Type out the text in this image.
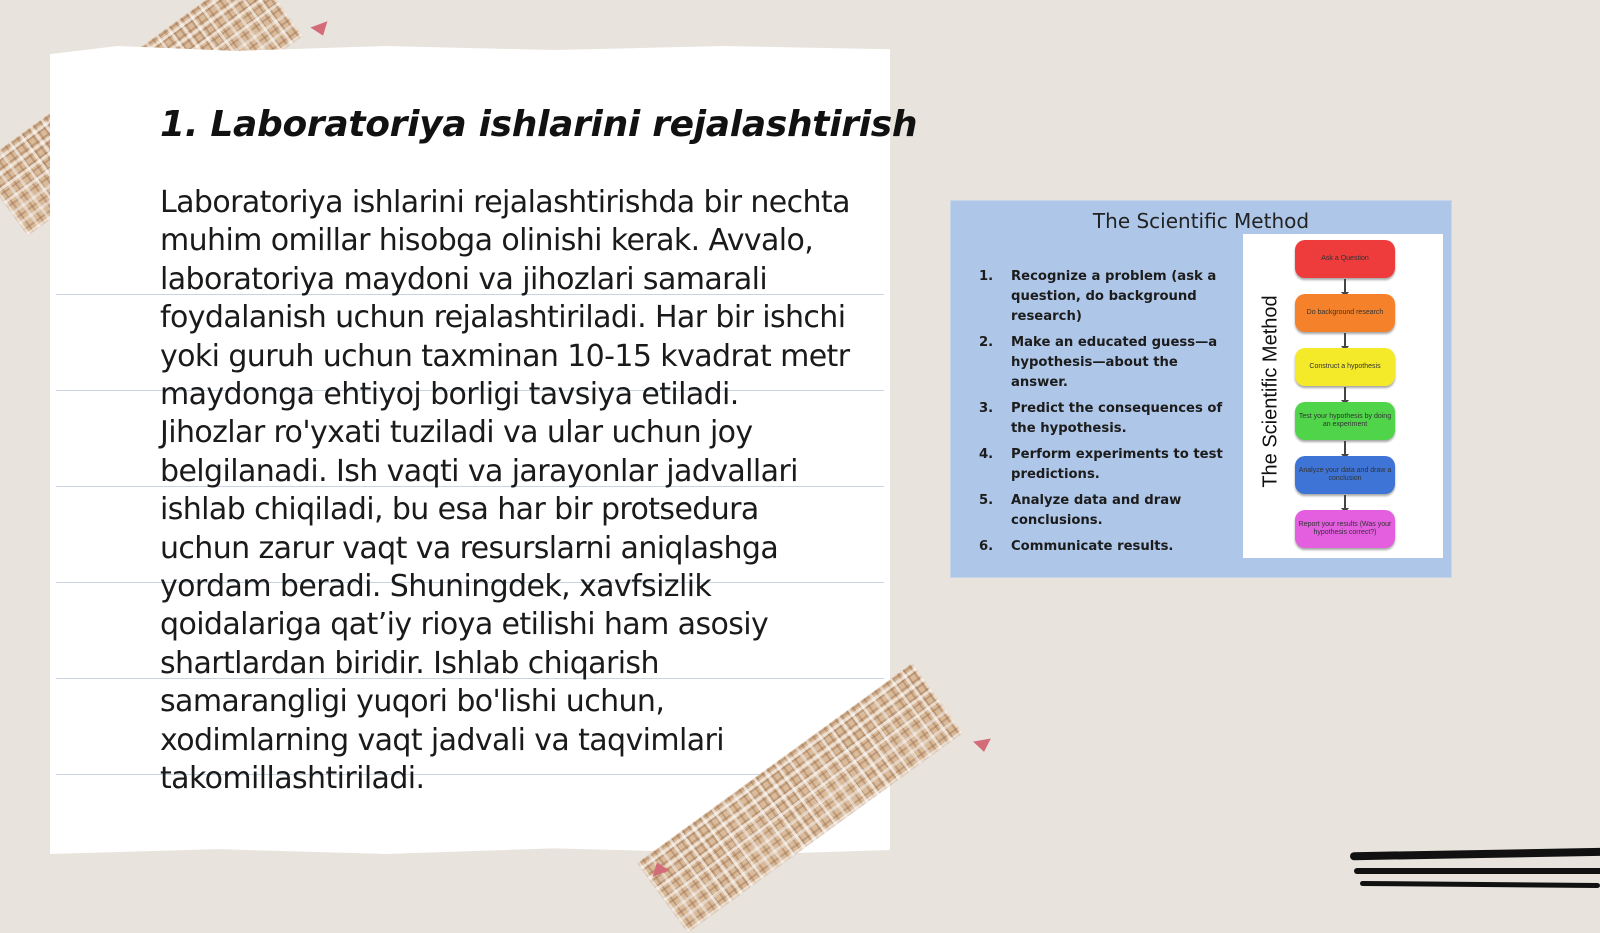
1. Laboratoriya ishlarini rejalashtirish

Laboratoriya ishlarini rejalashtirishda bir nechta muhim omillar hisobga olinishi kerak. Avvalo, laboratoriya maydoni va jihozlari samarali foydalanish uchun rejalashtiriladi. Har bir ishchi yoki guruh uchun taxminan 10-15 kvadrat metr maydonga ehtiyoj borligi tavsiya etiladi. Jihozlar ro'yxati tuziladi va ular uchun joy belgilanadi. Ish vaqti va jarayonlar jadvallari ishlab chiqiladi, bu esa har bir protsedura uchun zarur vaqt va resurslarni aniqlashga yordam beradi. Shuningdek, xavfsizlik qoidalariga qat’iy rioya etilishi ham asosiy shartlardan biridir. Ishlab chiqarish samarangligi yuqori bo'lishi uchun, xodimlarning vaqt jadvali va taqvimlari takomillashtiriladi.

The Scientific Method
1. Recognize a problem (ask a question, do background research)
2. Make an educated guess—a hypothesis—about the answer.
3. Predict the consequences of the hypothesis.
4. Perform experiments to test predictions.
5. Analyze data and draw conclusions.
6. Communicate results.
The Scientific Method
Ask a Question
Do background research
Construct a hypothesis
Test your hypothesis by doing an experiment
Analyze your data and draw a conclusion
Report your results (Was your hypothesis correct?)
